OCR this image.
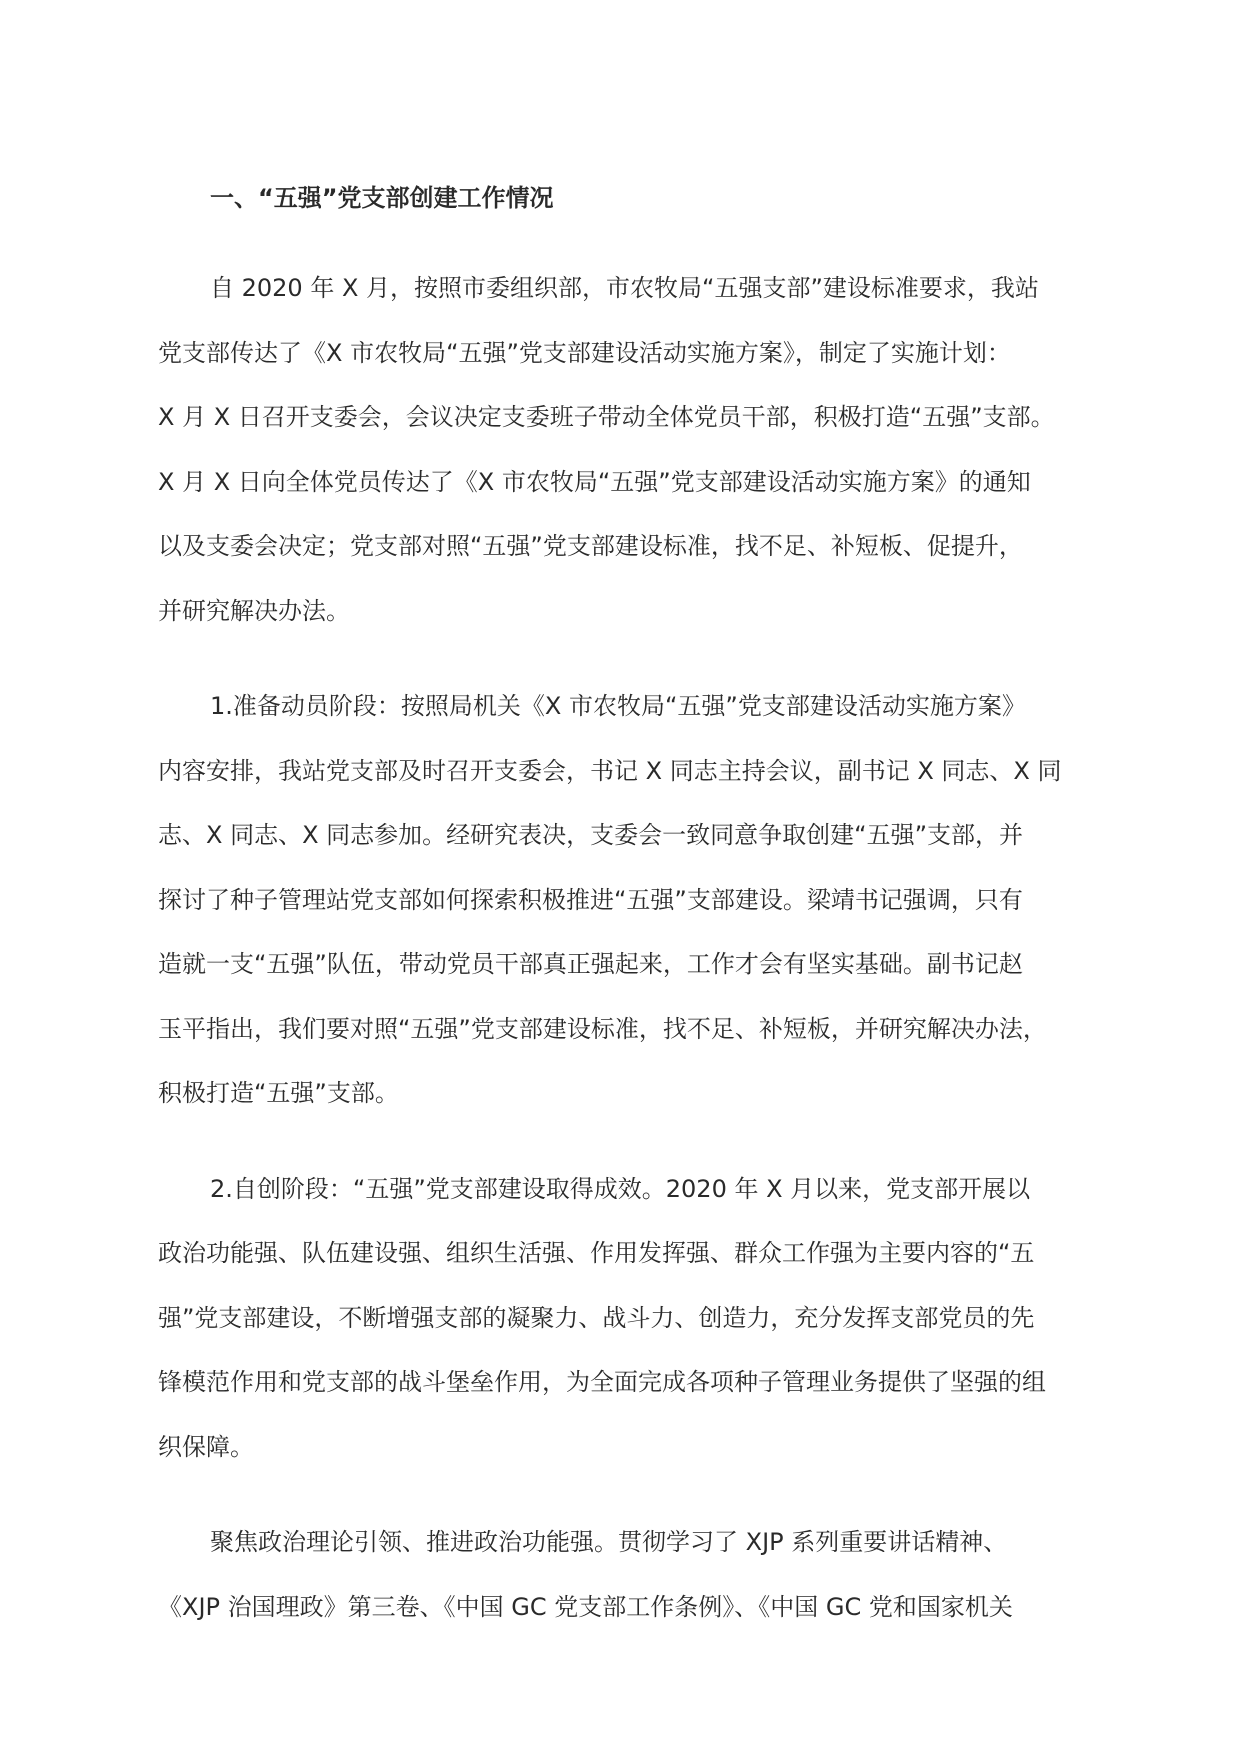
一、“五强”党支部创建工作情况
自 2020 年 X 月，按照市委组织部，市农牧局“五强支部”建设标准要求，我站
党支部传达了《X 市农牧局“五强”党支部建设活动实施方案》，制定了实施计划：
X 月 X 日召开支委会，会议决定支委班子带动全体党员干部，积极打造“五强”支部。
X 月 X 日向全体党员传达了《X 市农牧局“五强”党支部建设活动实施方案》的通知
以及支委会决定；党支部对照“五强”党支部建设标准，找不足、补短板、促提升，
并研究解决办法。
1.准备动员阶段：按照局机关《X 市农牧局“五强”党支部建设活动实施方案》
内容安排，我站党支部及时召开支委会，书记 X 同志主持会议，副书记 X 同志、X 同
志、X 同志、X 同志参加。经研究表决，支委会一致同意争取创建“五强”支部，并
探讨了种子管理站党支部如何探索积极推进“五强”支部建设。梁靖书记强调，只有
造就一支“五强”队伍，带动党员干部真正强起来，工作才会有坚实基础。副书记赵
玉平指出，我们要对照“五强”党支部建设标准，找不足、补短板，并研究解决办法，
积极打造“五强”支部。
2.自创阶段：“五强”党支部建设取得成效。2020 年 X 月以来，党支部开展以
政治功能强、队伍建设强、组织生活强、作用发挥强、群众工作强为主要内容的“五
强”党支部建设，不断增强支部的凝聚力、战斗力、创造力，充分发挥支部党员的先
锋模范作用和党支部的战斗堡垒作用，为全面完成各项种子管理业务提供了坚强的组
织保障。
聚焦政治理论引领、推进政治功能强。贯彻学习了 XJP 系列重要讲话精神、
《XJP 治国理政》第三卷、《中国 GC 党支部工作条例》、《中国 GC 党和国家机关
